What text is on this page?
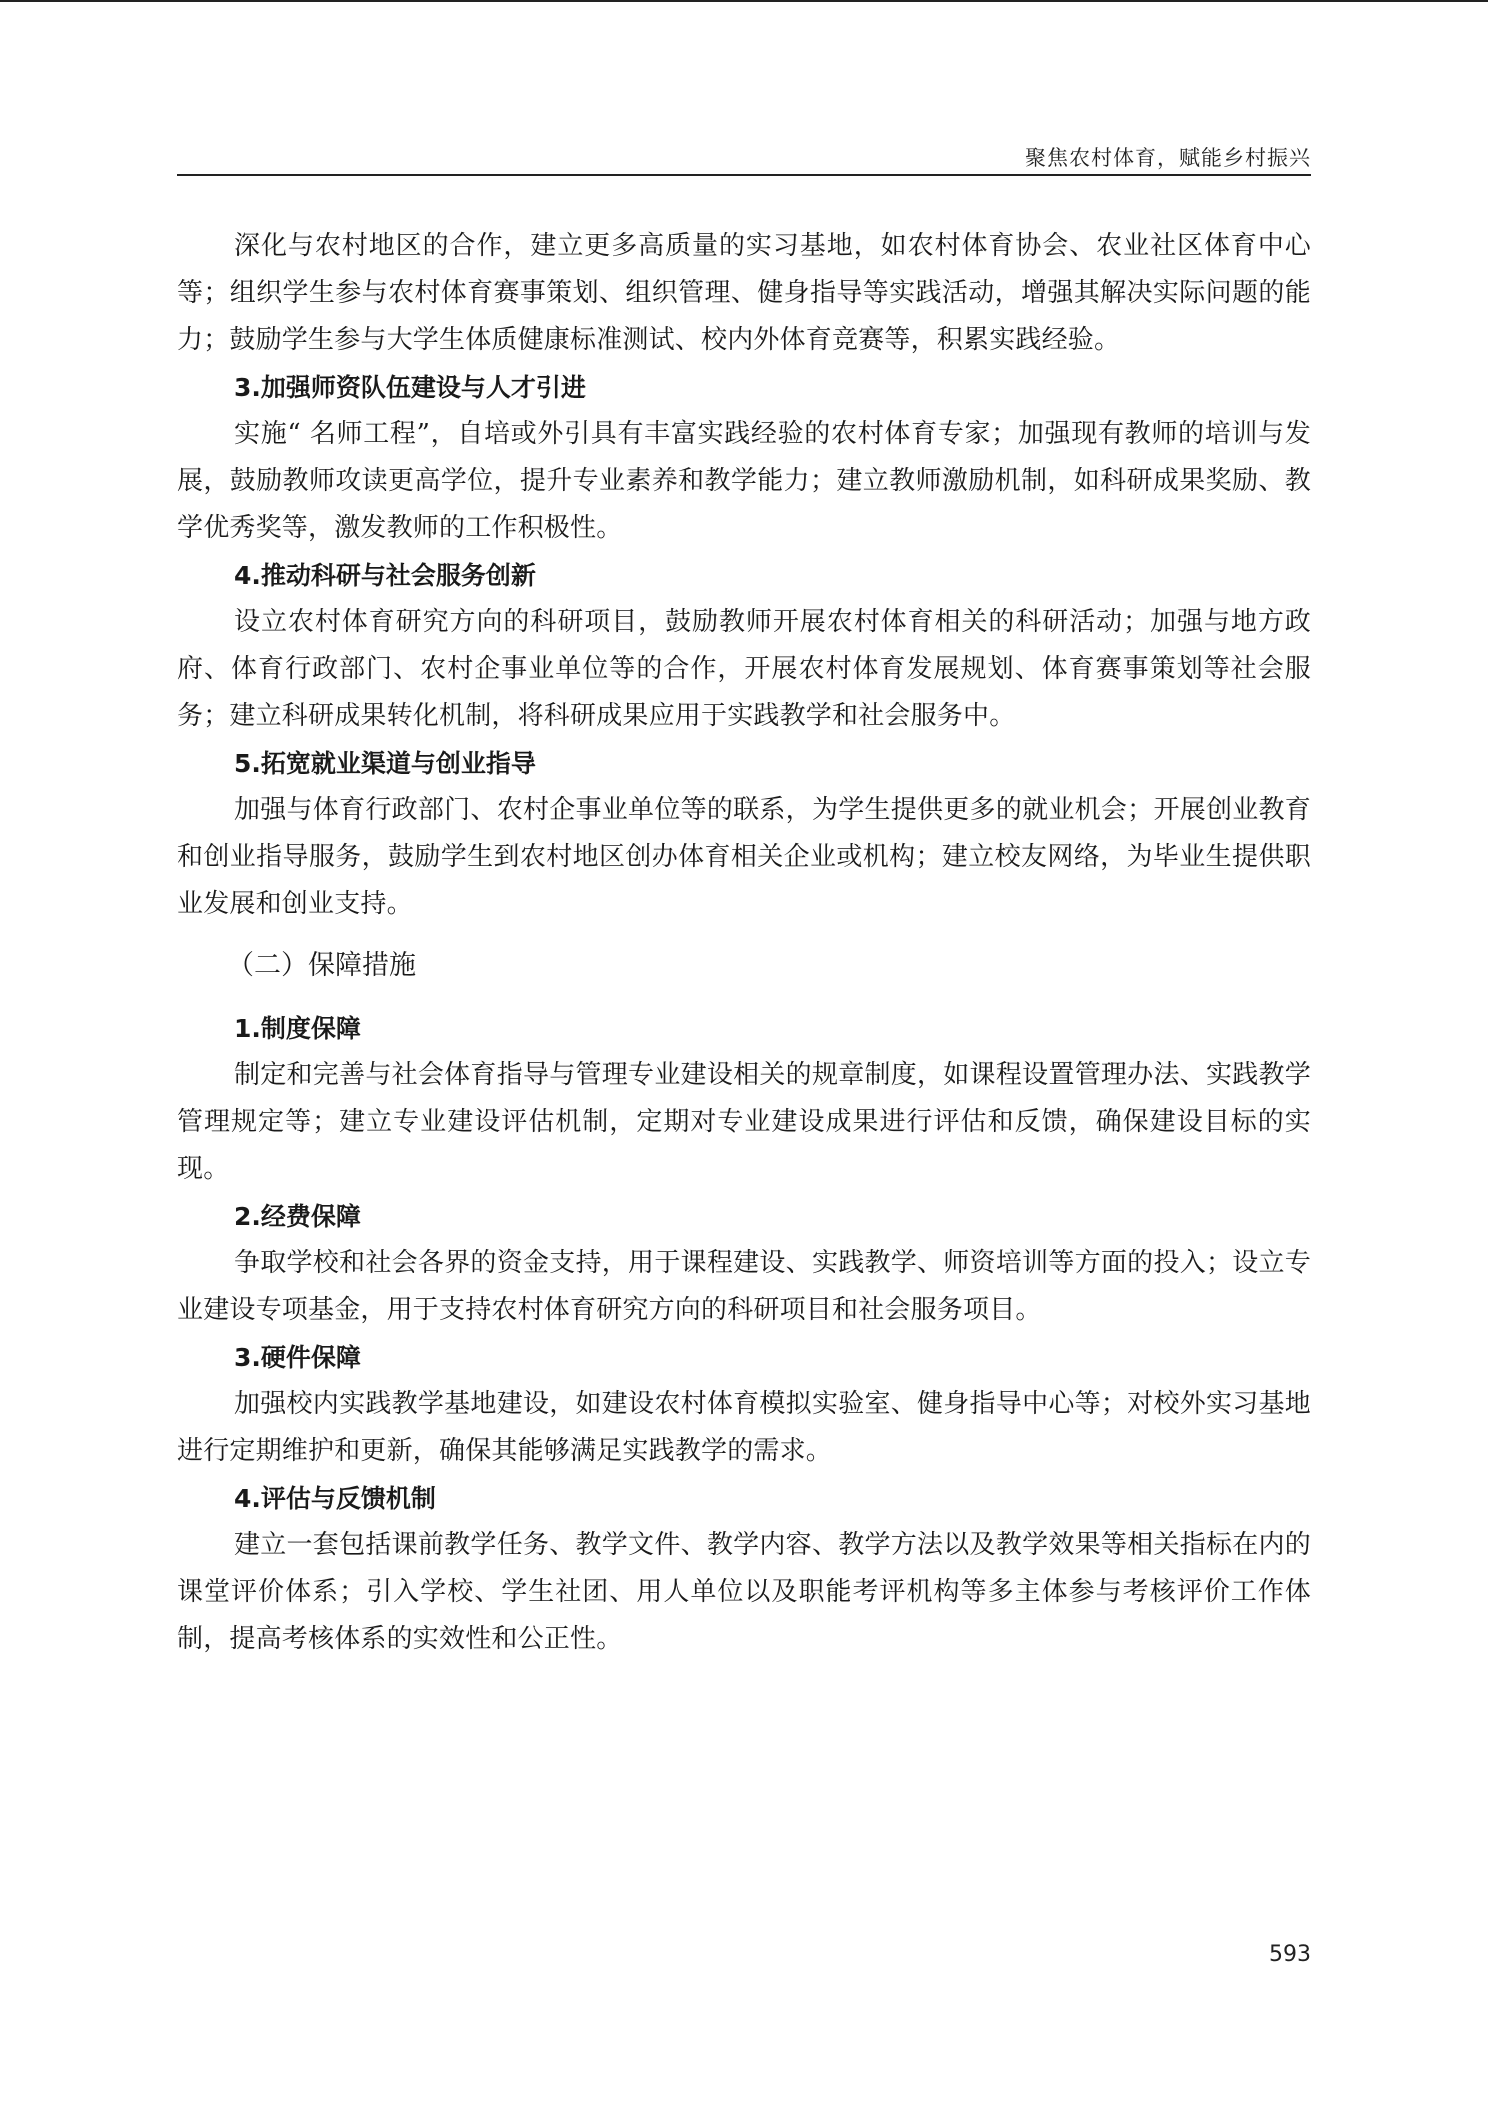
聚焦农村体育，赋能乡村振兴

深化与农村地区的合作，建立更多高质量的实习基地，如农村体育协会、农业社区体育中心等；组织学生参与农村体育赛事策划、组织管理、健身指导等实践活动，增强其解决实际问题的能力；鼓励学生参与大学生体质健康标准测试、校内外体育竞赛等，积累实践经验。

3.加强师资队伍建设与人才引进

实施“ 名师工程”，自培或外引具有丰富实践经验的农村体育专家；加强现有教师的培训与发展，鼓励教师攻读更高学位，提升专业素养和教学能力；建立教师激励机制，如科研成果奖励、教学优秀奖等，激发教师的工作积极性。

4.推动科研与社会服务创新

设立农村体育研究方向的科研项目，鼓励教师开展农村体育相关的科研活动；加强与地方政府、体育行政部门、农村企事业单位等的合作，开展农村体育发展规划、体育赛事策划等社会服务；建立科研成果转化机制，将科研成果应用于实践教学和社会服务中。

5.拓宽就业渠道与创业指导

加强与体育行政部门、农村企事业单位等的联系，为学生提供更多的就业机会；开展创业教育和创业指导服务，鼓励学生到农村地区创办体育相关企业或机构；建立校友网络，为毕业生提供职业发展和创业支持。

（二）保障措施
1.制度保障

制定和完善与社会体育指导与管理专业建设相关的规章制度，如课程设置管理办法、实践教学管理规定等；建立专业建设评估机制，定期对专业建设成果进行评估和反馈，确保建设目标的实现。

2.经费保障

争取学校和社会各界的资金支持，用于课程建设、实践教学、师资培训等方面的投入；设立专业建设专项基金，用于支持农村体育研究方向的科研项目和社会服务项目。

3.硬件保障

加强校内实践教学基地建设，如建设农村体育模拟实验室、健身指导中心等；对校外实习基地进行定期维护和更新，确保其能够满足实践教学的需求。

4.评估与反馈机制

建立一套包括课前教学任务、教学文件、教学内容、教学方法以及教学效果等相关指标在内的课堂评价体系；引入学校、学生社团、用人单位以及职能考评机构等多主体参与考核评价工作体制，提高考核体系的实效性和公正性。

593
